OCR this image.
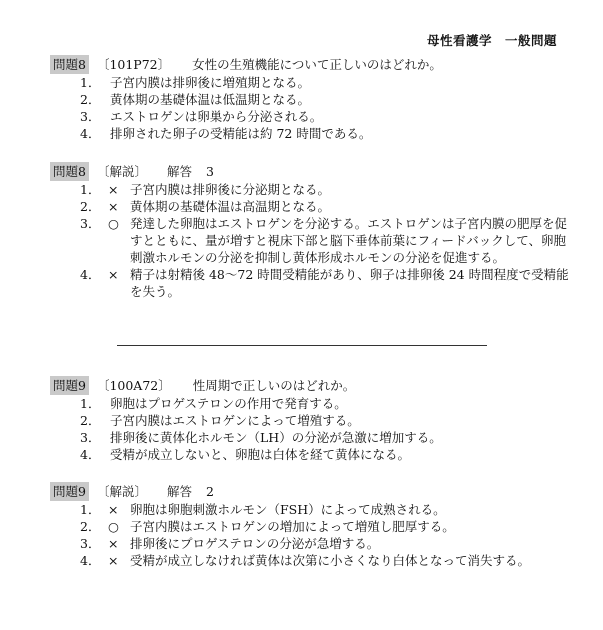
母性看護学　一般問題
問題8 〔101P72〕 女性の生殖機能について正しいのはどれか。
1． 子宮内膜は排卵後に増殖期となる。
2． 黄体期の基礎体温は低温期となる。
3． エストロゲンは卵巣から分泌される。
4． 排卵された卵子の受精能は約 72 時間である。
問題8 〔解説〕 解答 3
1． × 子宮内膜は排卵後に分泌期となる。
2． × 黄体期の基礎体温は高温期となる。
3． ○ 発達した卵胞はエストロゲンを分泌する。エストロゲンは子宮内膜の肥厚を促すとともに、量が増すと視床下部と脳下垂体前葉にフィードバックして、卵胞刺激ホルモンの分泌を抑制し黄体形成ホルモンの分泌を促進する。
4． × 精子は射精後 48～72 時間受精能があり、卵子は排卵後 24 時間程度で受精能を失う。
問題9 〔100A72〕 性周期で正しいのはどれか。
1． 卵胞はプロゲステロンの作用で発育する。
2． 子宮内膜はエストロゲンによって増殖する。
3． 排卵後に黄体化ホルモン（LH）の分泌が急激に増加する。
4． 受精が成立しないと、卵胞は白体を経て黄体になる。
問題9 〔解説〕 解答 2
1． × 卵胞は卵胞刺激ホルモン（FSH）によって成熟される。
2． ○ 子宮内膜はエストロゲンの増加によって増殖し肥厚する。
3． × 排卵後にプロゲステロンの分泌が急増する。
4． × 受精が成立しなければ黄体は次第に小さくなり白体となって消失する。
